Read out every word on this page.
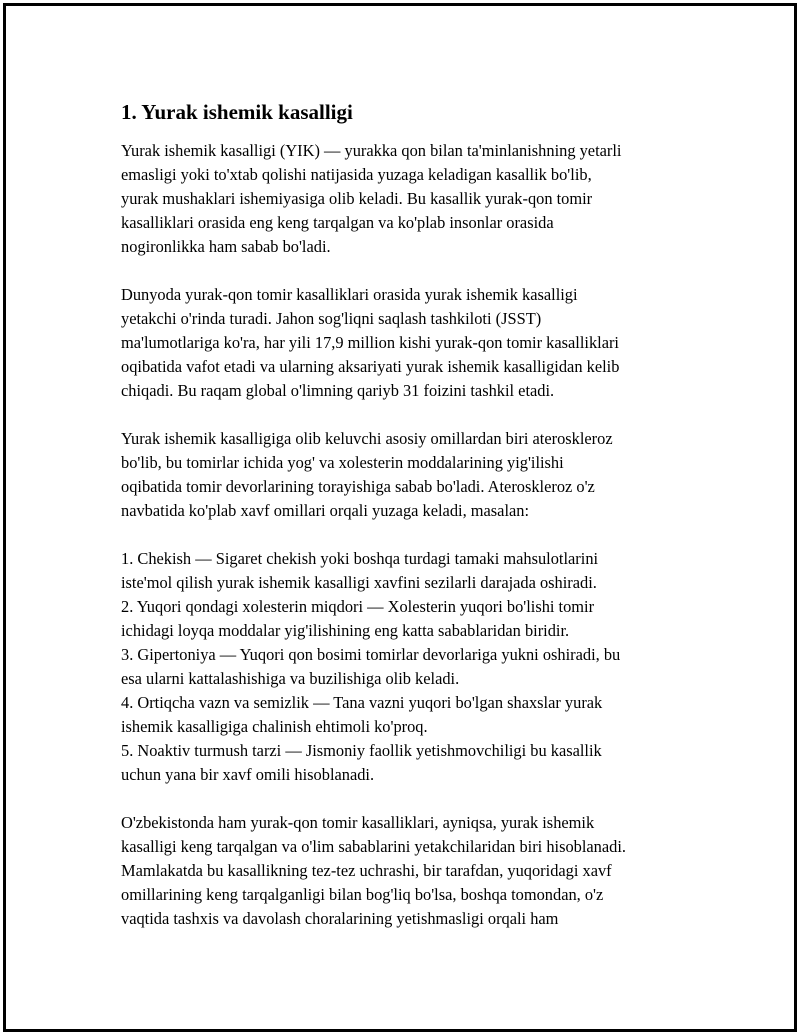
1. Yurak ishemik kasalligi
Yurak ishemik kasalligi (YIK) — yurakka qon bilan ta'minlanishning yetarli
emasligi yoki to'xtab qolishi natijasida yuzaga keladigan kasallik bo'lib,
yurak mushaklari ishemiyasiga olib keladi. Bu kasallik yurak-qon tomir
kasalliklari orasida eng keng tarqalgan va ko'plab insonlar orasida
nogironlikka ham sabab bo'ladi.
Dunyoda yurak-qon tomir kasalliklari orasida yurak ishemik kasalligi
yetakchi o'rinda turadi. Jahon sog'liqni saqlash tashkiloti (JSST)
ma'lumotlariga ko'ra, har yili 17,9 million kishi yurak-qon tomir kasalliklari
oqibatida vafot etadi va ularning aksariyati yurak ishemik kasalligidan kelib
chiqadi. Bu raqam global o'limning qariyb 31 foizini tashkil etadi.
Yurak ishemik kasalligiga olib keluvchi asosiy omillardan biri ateroskleroz
bo'lib, bu tomirlar ichida yog' va xolesterin moddalarining yig'ilishi
oqibatida tomir devorlarining torayishiga sabab bo'ladi. Ateroskleroz o'z
navbatida ko'plab xavf omillari orqali yuzaga keladi, masalan:
1. Chekish — Sigaret chekish yoki boshqa turdagi tamaki mahsulotlarini
iste'mol qilish yurak ishemik kasalligi xavfini sezilarli darajada oshiradi.
2. Yuqori qondagi xolesterin miqdori — Xolesterin yuqori bo'lishi tomir
ichidagi loyqa moddalar yig'ilishining eng katta sabablaridan biridir.
3. Gipertoniya — Yuqori qon bosimi tomirlar devorlariga yukni oshiradi, bu
esa ularni kattalashishiga va buzilishiga olib keladi.
4. Ortiqcha vazn va semizlik — Tana vazni yuqori bo'lgan shaxslar yurak
ishemik kasalligiga chalinish ehtimoli ko'proq.
5. Noaktiv turmush tarzi — Jismoniy faollik yetishmovchiligi bu kasallik
uchun yana bir xavf omili hisoblanadi.
O'zbekistonda ham yurak-qon tomir kasalliklari, ayniqsa, yurak ishemik
kasalligi keng tarqalgan va o'lim sabablarini yetakchilaridan biri hisoblanadi.
Mamlakatda bu kasallikning tez-tez uchrashi, bir tarafdan, yuqoridagi xavf
omillarining keng tarqalganligi bilan bog'liq bo'lsa, boshqa tomondan, o'z
vaqtida tashxis va davolash choralarining yetishmasligi orqali ham
